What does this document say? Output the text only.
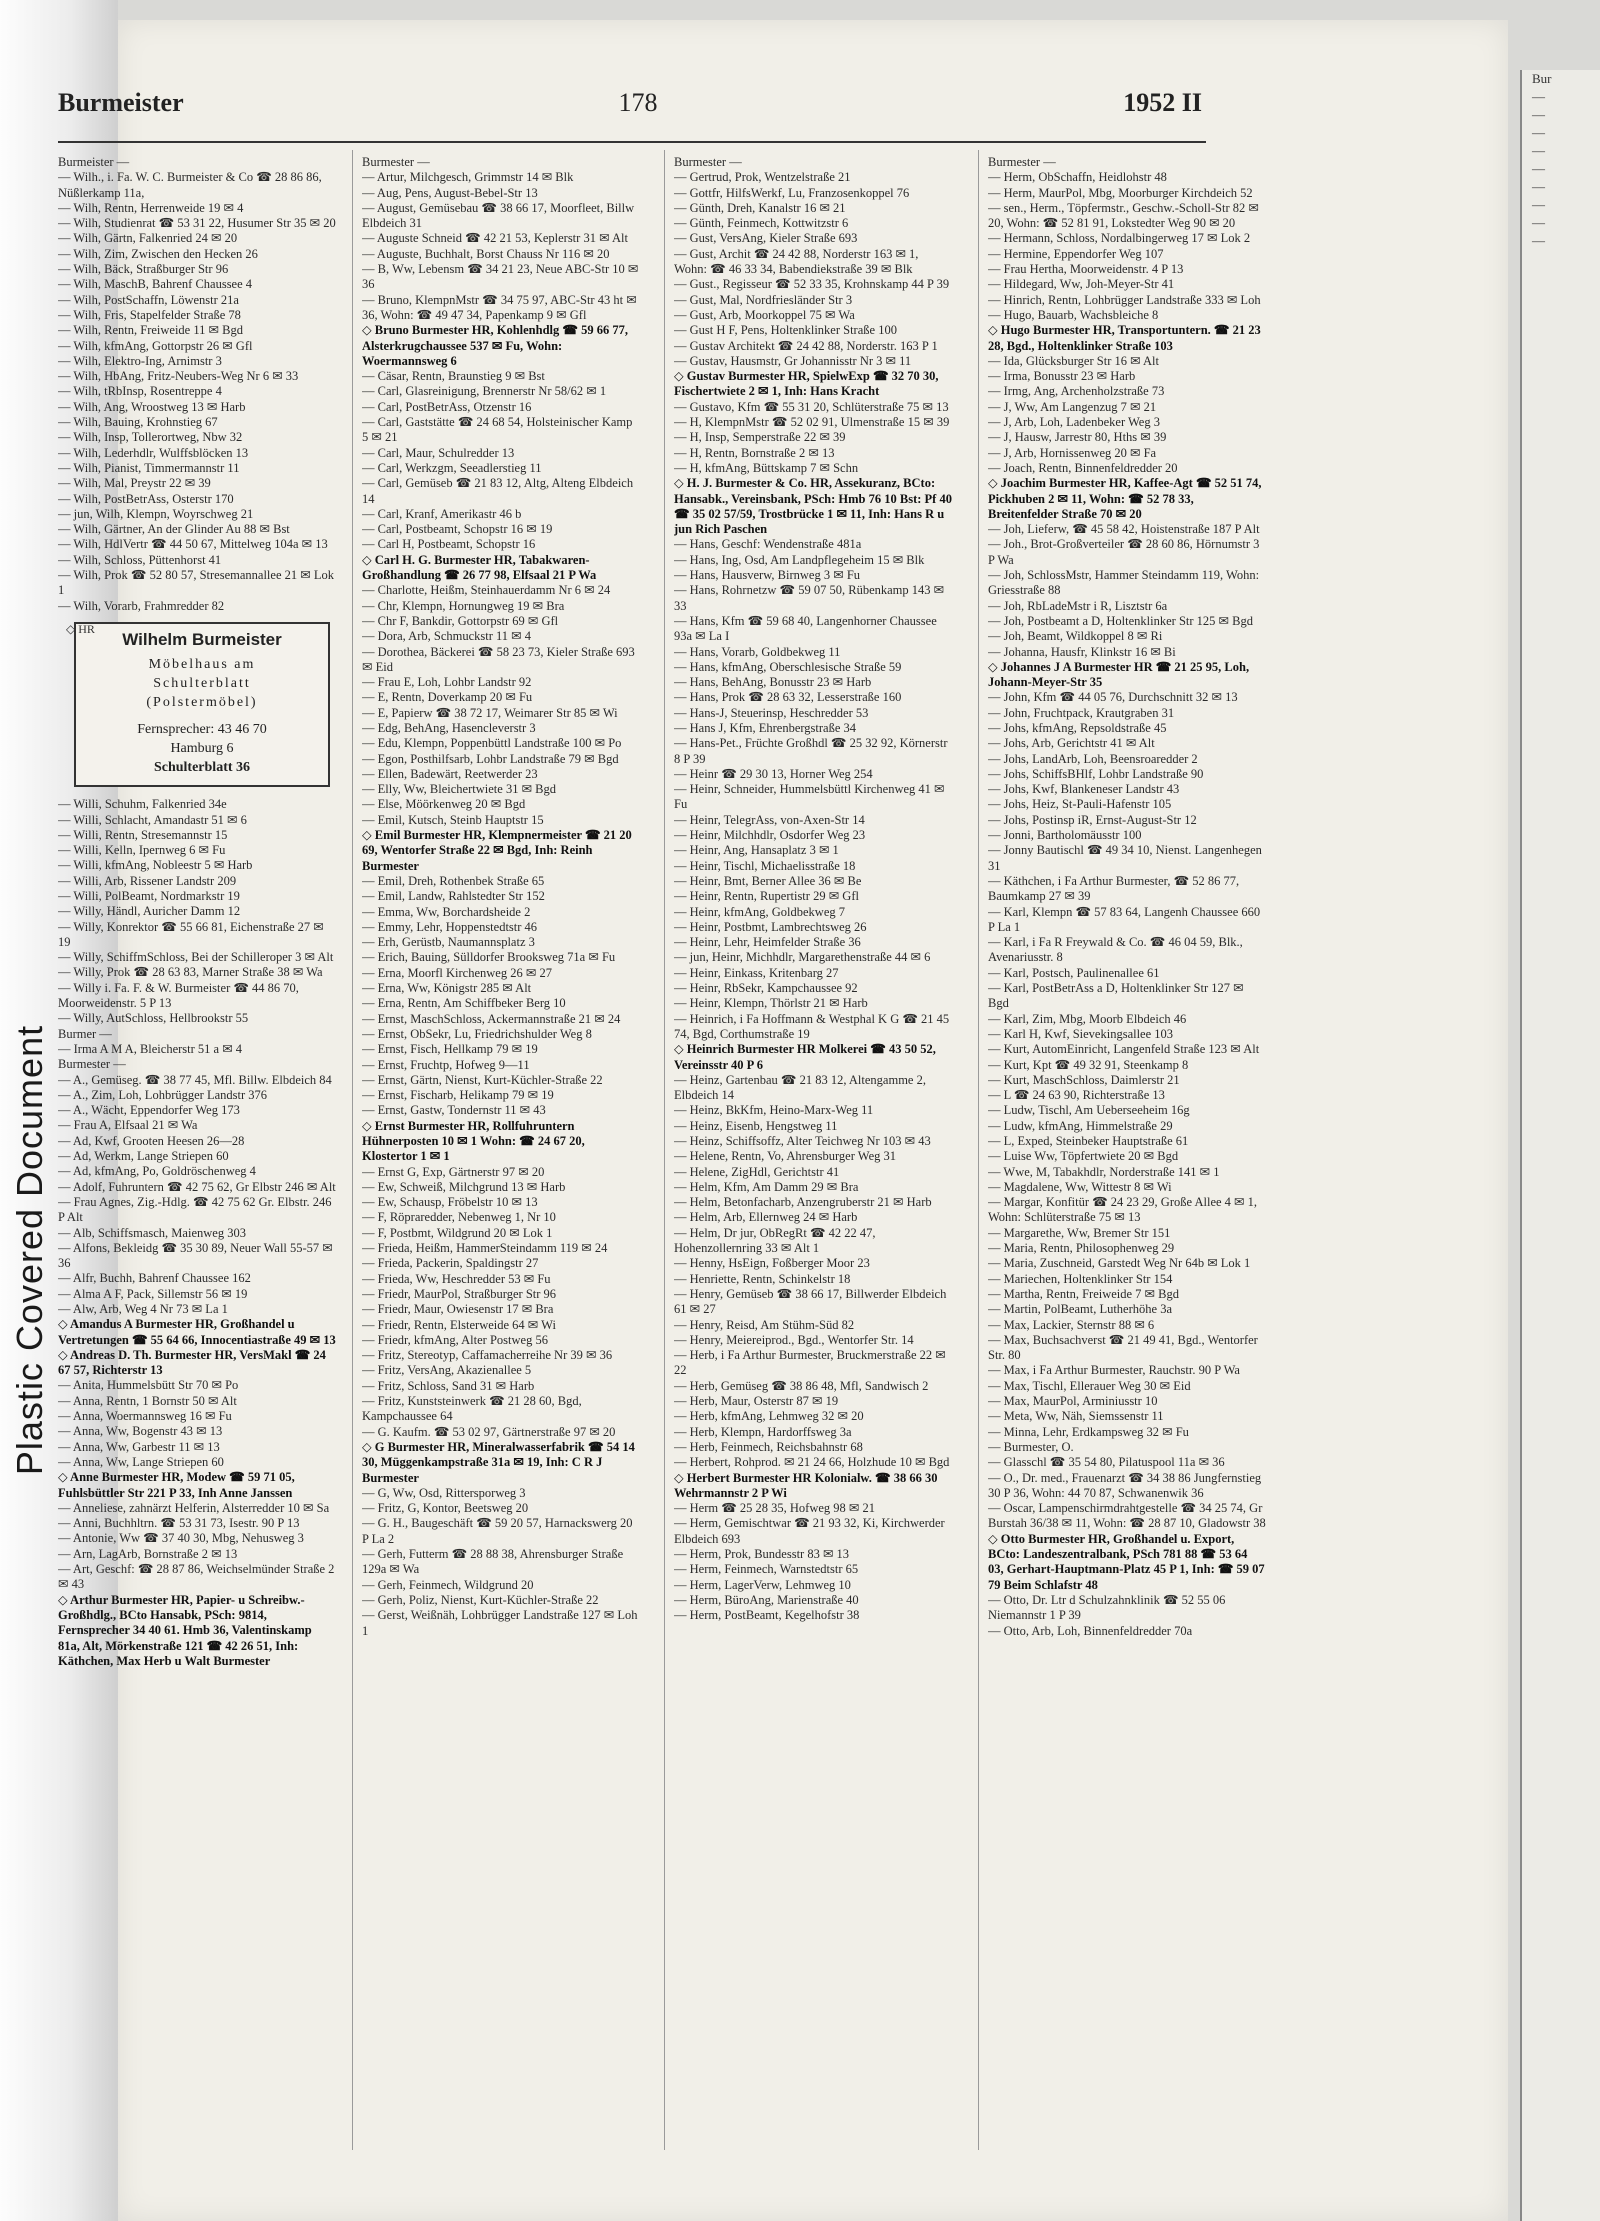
Plastic Covered Document
Bur
—
—
—
—
—
—
—
—
—
Burmeister	178	1952 II
Burmeister —
— Wilh., i. Fa. W. C. Burmeister & Co ☎ 28 86 86, Nüßlerkamp 11a,
— Wilh, Rentn, Herrenweide 19 ✉ 4
— Wilh, Studienrat ☎ 53 31 22, Husumer Str 35 ✉ 20
— Wilh, Gärtn, Falkenried 24 ✉ 20
— Wilh, Zim, Zwischen den Hecken 26
— Wilh, Bäck, Straßburger Str 96
— Wilh, MaschB, Bahrenf Chaussee 4
— Wilh, PostSchaffn, Löwenstr 21a
— Wilh, Fris, Stapelfelder Straße 78
— Wilh, Rentn, Freiweide 11 ✉ Bgd
— Wilh, kfmAng, Gottorpstr 26 ✉ Gfl
— Wilh, Elektro-Ing, Arnimstr 3
— Wilh, HbAng, Fritz-Neubers-Weg Nr 6 ✉ 33
— Wilh, tRbInsp, Rosentreppe 4
— Wilh, Ang, Wroostweg 13 ✉ Harb
— Wilh, Bauing, Krohnstieg 67
— Wilh, Insp, Tollerortweg, Nbw 32
— Wilh, Lederhdlr, Wulffsblöcken 13
— Wilh, Pianist, Timmermannstr 11
— Wilh, Mal, Preystr 22 ✉ 39
— Wilh, PostBetrAss, Osterstr 170
— jun, Wilh, Klempn, Woyrschweg 21
— Wilh, Gärtner, An der Glinder Au 88 ✉ Bst
— Wilh, HdlVertr ☎ 44 50 67, Mittelweg 104a ✉ 13
— Wilh, Schloss, Püttenhorst 41
— Wilh, Prok ☎ 52 80 57, Stresemannallee 21 ✉ Lok 1
— Wilh, Vorarb, Frahmredder 82
◇ HR
Wilhelm Burmeister
Möbelhaus am
Schulterblatt
(Polstermöbel)
Fernsprecher: 43 46 70
Hamburg 6
Schulterblatt 36
— Willi, Schuhm, Falkenried 34e
— Willi, Schlacht, Amandastr 51 ✉ 6
— Willi, Rentn, Stresemannstr 15
— Willi, Kelln, Ipernweg 6 ✉ Fu
— Willi, kfmAng, Nobleestr 5 ✉ Harb
— Willi, Arb, Rissener Landstr 209
— Willi, PolBeamt, Nordmarkstr 19
— Willy, Händl, Auricher Damm 12
— Willy, Konrektor ☎ 55 66 81, Eichenstraße 27 ✉ 19
— Willy, SchiffmSchloss, Bei der Schilleroper 3 ✉ Alt
— Willy, Prok ☎ 28 63 83, Marner Straße 38 ✉ Wa
— Willy i. Fa. F. & W. Burmeister ☎ 44 86 70, Moorweidenstr. 5 P 13
— Willy, AutSchloss, Hellbrookstr 55
Burmer —
— Irma A M A, Bleicherstr 51 a ✉ 4
Burmester —
— A., Gemüseg. ☎ 38 77 45, Mfl. Billw. Elbdeich 84
— A., Zim, Loh, Lohbrügger Landstr 376
— A., Wächt, Eppendorfer Weg 173
— Frau A, Elfsaal 21 ✉ Wa
— Ad, Kwf, Grooten Heesen 26—28
— Ad, Werkm, Lange Striepen 60
— Ad, kfmAng, Po, Goldröschenweg 4
— Adolf, Fuhruntern ☎ 42 75 62, Gr Elbstr 246 ✉ Alt
— Frau Agnes, Zig.-Hdlg. ☎ 42 75 62 Gr. Elbstr. 246 P Alt
— Alb, Schiffsmasch, Maienweg 303
— Alfons, Bekleidg ☎ 35 30 89, Neuer Wall 55-57 ✉ 36
— Alfr, Buchh, Bahrenf Chaussee 162
— Alma A F, Pack, Sillemstr 56 ✉ 19
— Alw, Arb, Weg 4 Nr 73 ✉ La 1
◇ Amandus A Burmester HR, Großhandel u Vertretungen ☎ 55 64 66, Innocentiastraße 49 ✉ 13
◇ Andreas D. Th. Burmester HR, VersMakl ☎ 24 67 57, Richterstr 13
— Anita, Hummelsbütt Str 70 ✉ Po
— Anna, Rentn, 1 Bornstr 50 ✉ Alt
— Anna, Woermannsweg 16 ✉ Fu
— Anna, Ww, Bogenstr 43 ✉ 13
— Anna, Ww, Garbestr 11 ✉ 13
— Anna, Ww, Lange Striepen 60
◇ Anne Burmester HR, Modew ☎ 59 71 05, Fuhlsbüttler Str 221 P 33, Inh Anne Janssen
— Anneliese, zahnärzt Helferin, Alsterredder 10 ✉ Sa
— Anni, Buchhltrn. ☎ 53 31 73, Isestr. 90 P 13
— Antonie, Ww ☎ 37 40 30, Mbg, Nehusweg 3
— Arn, LagArb, Bornstraße 2 ✉ 13
— Art, Geschf: ☎ 28 87 86, Weichselmünder Straße 2 ✉ 43
◇ Arthur Burmester HR, Papier- u Schreibw.-Großhdlg., BCto Hansabk, PSch: 9814, Fernsprecher 34 40 61. Hmb 36, Valentinskamp 81a, Alt, Mörkenstraße 121 ☎ 42 26 51, Inh: Käthchen, Max Herb u Walt Burmester
Burmester —
— Artur, Milchgesch, Grimmstr 14 ✉ Blk
— Aug, Pens, August-Bebel-Str 13
— August, Gemüsebau ☎ 38 66 17, Moorfleet, Billw Elbdeich 31
— Auguste Schneid ☎ 42 21 53, Keplerstr 31 ✉ Alt
— Auguste, Buchhalt, Borst Chauss Nr 116 ✉ 20
— B, Ww, Lebensm ☎ 34 21 23, Neue ABC-Str 10 ✉ 36
— Bruno, KlempnMstr ☎ 34 75 97, ABC-Str 43 ht ✉ 36, Wohn: ☎ 49 47 34, Papenkamp 9 ✉ Gfl
◇ Bruno Burmester HR, Kohlenhdlg ☎ 59 66 77, Alsterkrugchaussee 537 ✉ Fu, Wohn: Woermannsweg 6
— Cäsar, Rentn, Braunstieg 9 ✉ Bst
— Carl, Glasreinigung, Brennerstr Nr 58/62 ✉ 1
— Carl, PostBetrAss, Otzenstr 16
— Carl, Gaststätte ☎ 24 68 54, Holsteinischer Kamp 5 ✉ 21
— Carl, Maur, Schulredder 13
— Carl, Werkzgm, Seeadlerstieg 11
— Carl, Gemüseb ☎ 21 83 12, Altg, Alteng Elbdeich 14
— Carl, Kranf, Amerikastr 46 b
— Carl, Postbeamt, Schopstr 16 ✉ 19
— Carl H, Postbeamt, Schopstr 16
◇ Carl H. G. Burmester HR, Tabakwaren-Großhandlung ☎ 26 77 98, Elfsaal 21 P Wa
— Charlotte, Heißm, Steinhauerdamm Nr 6 ✉ 24
— Chr, Klempn, Hornungweg 19 ✉ Bra
— Chr F, Bankdir, Gottorpstr 69 ✉ Gfl
— Dora, Arb, Schmuckstr 11 ✉ 4
— Dorothea, Bäckerei ☎ 58 23 73, Kieler Straße 693 ✉ Eid
— Frau E, Loh, Lohbr Landstr 92
— E, Rentn, Doverkamp 20 ✉ Fu
— E, Papierw ☎ 38 72 17, Weimarer Str 85 ✉ Wi
— Edg, BehAng, Hasencleverstr 3
— Edu, Klempn, Poppenbüttl Landstraße 100 ✉ Po
— Egon, Posthilfsarb, Lohbr Landstraße 79 ✉ Bgd
— Ellen, Badewärt, Reetwerder 23
— Elly, Ww, Bleichertwiete 31 ✉ Bgd
— Else, Möörkenweg 20 ✉ Bgd
— Emil, Kutsch, Steinb Hauptstr 15
◇ Emil Burmester HR, Klempnermeister ☎ 21 20 69, Wentorfer Straße 22 ✉ Bgd, Inh: Reinh Burmester
— Emil, Dreh, Rothenbek Straße 65
— Emil, Landw, Rahlstedter Str 152
— Emma, Ww, Borchardsheide 2
— Emmy, Lehr, Hoppenstedtstr 46
— Erh, Gerüstb, Naumannsplatz 3
— Erich, Bauing, Sülldorfer Brooksweg 71a ✉ Fu
— Erna, Moorfl Kirchenweg 26 ✉ 27
— Erna, Ww, Königstr 285 ✉ Alt
— Erna, Rentn, Am Schiffbeker Berg 10
— Ernst, MaschSchloss, Ackermannstraße 21 ✉ 24
— Ernst, ObSekr, Lu, Friedrichshulder Weg 8
— Ernst, Fisch, Hellkamp 79 ✉ 19
— Ernst, Fruchtp, Hofweg 9—11
— Ernst, Gärtn, Nienst, Kurt-Küchler-Straße 22
— Ernst, Fischarb, Helikamp 79 ✉ 19
— Ernst, Gastw, Tondernstr 11 ✉ 43
◇ Ernst Burmester HR, Rollfuhruntern Hühnerposten 10 ✉ 1 Wohn: ☎ 24 67 20, Klostertor 1 ✉ 1
— Ernst G, Exp, Gärtnerstr 97 ✉ 20
— Ew, Schweiß, Milchgrund 13 ✉ Harb
— Ew, Schausp, Fröbelstr 10 ✉ 13
— F, Röpraredder, Nebenweg 1, Nr 10
— F, Postbmt, Wildgrund 20 ✉ Lok 1
— Frieda, Heißm, HammerSteindamm 119 ✉ 24
— Frieda, Packerin, Spaldingstr 27
— Frieda, Ww, Heschredder 53 ✉ Fu
— Friedr, MaurPol, Straßburger Str 96
— Friedr, Maur, Owiesenstr 17 ✉ Bra
— Friedr, Rentn, Elsterweide 64 ✉ Wi
— Friedr, kfmAng, Alter Postweg 56
— Fritz, Stereotyp, Caffamacherreihe Nr 39 ✉ 36
— Fritz, VersAng, Akazienallee 5
— Fritz, Schloss, Sand 31 ✉ Harb
— Fritz, Kunststeinwerk ☎ 21 28 60, Bgd, Kampchaussee 64
— G. Kaufm. ☎ 53 02 97, Gärtnerstraße 97 ✉ 20
◇ G Burmester HR, Mineralwasserfabrik ☎ 54 14 30, Müggenkampstraße 31a ✉ 19, Inh: C R J Burmester
— G, Ww, Osd, Rittersporweg 3
— Fritz, G, Kontor, Beetsweg 20
— G. H., Baugeschäft ☎ 59 20 57, Harnackswerg 20 P La 2
— Gerh, Futterm ☎ 28 88 38, Ahrensburger Straße 129a ✉ Wa
— Gerh, Feinmech, Wildgrund 20
— Gerh, Poliz, Nienst, Kurt-Küchler-Straße 22
— Gerst, Weißnäh, Lohbrügger Landstraße 127 ✉ Loh 1
Burmester —
— Gertrud, Prok, Wentzelstraße 21
— Gottfr, HilfsWerkf, Lu, Franzosenkoppel 76
— Günth, Dreh, Kanalstr 16 ✉ 21
— Günth, Feinmech, Kottwitzstr 6
— Gust, VersAng, Kieler Straße 693
— Gust, Archit ☎ 24 42 88, Norderstr 163 ✉ 1, Wohn: ☎ 46 33 34, Babendiekstraße 39 ✉ Blk
— Gust., Regisseur ☎ 52 33 35, Krohnskamp 44 P 39
— Gust, Mal, Nordfriesländer Str 3
— Gust, Arb, Moorkoppel 75 ✉ Wa
— Gust H F, Pens, Holtenklinker Straße 100
— Gustav Architekt ☎ 24 42 88, Norderstr. 163 P 1
— Gustav, Hausmstr, Gr Johannisstr Nr 3 ✉ 11
◇ Gustav Burmester HR, SpielwExp ☎ 32 70 30, Fischertwiete 2 ✉ 1, Inh: Hans Kracht
— Gustavo, Kfm ☎ 55 31 20, Schlüterstraße 75 ✉ 13
— H, KlempnMstr ☎ 52 02 91, Ulmenstraße 15 ✉ 39
— H, Insp, Semperstraße 22 ✉ 39
— H, Rentn, Bornstraße 2 ✉ 13
— H, kfmAng, Büttskamp 7 ✉ Schn
◇ H. J. Burmester & Co. HR, Assekuranz, BCto: Hansabk., Vereinsbank, PSch: Hmb 76 10 Bst: Pf 40 ☎ 35 02 57/59, Trostbrücke 1 ✉ 11, Inh: Hans R u jun Rich Paschen
— Hans, Geschf: Wendenstraße 481a
— Hans, Ing, Osd, Am Landpflegeheim 15 ✉ Blk
— Hans, Hausverw, Birnweg 3 ✉ Fu
— Hans, Rohrnetzw ☎ 59 07 50, Rübenkamp 143 ✉ 33
— Hans, Kfm ☎ 59 68 40, Langenhorner Chaussee 93a ✉ La I
— Hans, Vorarb, Goldbekweg 11
— Hans, kfmAng, Oberschlesische Straße 59
— Hans, BehAng, Bonusstr 23 ✉ Harb
— Hans, Prok ☎ 28 63 32, Lesserstraße 160
— Hans-J, Steuerinsp, Heschredder 53
— Hans J, Kfm, Ehrenbergstraße 34
— Hans-Pet., Früchte Großhdl ☎ 25 32 92, Körnerstr 8 P 39
— Heinr ☎ 29 30 13, Horner Weg 254
— Heinr, Schneider, Hummelsbüttl Kirchenweg 41 ✉ Fu
— Heinr, TelegrAss, von-Axen-Str 14
— Heinr, Milchhdlr, Osdorfer Weg 23
— Heinr, Ang, Hansaplatz 3 ✉ 1
— Heinr, Tischl, Michaelisstraße 18
— Heinr, Bmt, Berner Allee 36 ✉ Be
— Heinr, Rentn, Rupertistr 29 ✉ Gfl
— Heinr, kfmAng, Goldbekweg 7
— Heinr, Postbmt, Lambrechtsweg 26
— Heinr, Lehr, Heimfelder Straße 36
— jun, Heinr, Michhdlr, Margarethenstraße 44 ✉ 6
— Heinr, Einkass, Kritenbarg 27
— Heinr, RbSekr, Kampchaussee 92
— Heinr, Klempn, Thörlstr 21 ✉ Harb
— Heinrich, i Fa Hoffmann & Westphal K G ☎ 21 45 74, Bgd, Corthumstraße 19
◇ Heinrich Burmester HR Molkerei ☎ 43 50 52, Vereinsstr 40 P 6
— Heinz, Gartenbau ☎ 21 83 12, Altengamme 2, Elbdeich 14
— Heinz, BkKfm, Heino-Marx-Weg 11
— Heinz, Eisenb, Hengstweg 11
— Heinz, Schiffsoffz, Alter Teichweg Nr 103 ✉ 43
— Helene, Rentn, Vo, Ahrensburger Weg 31
— Helene, ZigHdl, Gerichtstr 41
— Helm, Kfm, Am Damm 29 ✉ Bra
— Helm, Betonfacharb, Anzengruberstr 21 ✉ Harb
— Helm, Arb, Ellernweg 24 ✉ Harb
— Helm, Dr jur, ObRegRt ☎ 42 22 47, Hohenzollernring 33 ✉ Alt 1
— Henny, HsEign, Foßberger Moor 23
— Henriette, Rentn, Schinkelstr 18
— Henry, Gemüseb ☎ 38 66 17, Billwerder Elbdeich 61 ✉ 27
— Henry, Reisd, Am Stühm-Süd 82
— Henry, Meiereiprod., Bgd., Wentorfer Str. 14
— Herb, i Fa Arthur Burmester, Bruckmerstraße 22 ✉ 22
— Herb, Gemüseg ☎ 38 86 48, Mfl, Sandwisch 2
— Herb, Maur, Osterstr 87 ✉ 19
— Herb, kfmAng, Lehmweg 32 ✉ 20
— Herb, Klempn, Hardorffsweg 3a
— Herb, Feinmech, Reichsbahnstr 68
— Herbert, Rohprod. ✉ 21 24 66, Holzhude 10 ✉ Bgd
◇ Herbert Burmester HR Kolonialw. ☎ 38 66 30 Wehrmannstr 2 P Wi
— Herm ☎ 25 28 35, Hofweg 98 ✉ 21
— Herm, Gemischtwar ☎ 21 93 32, Ki, Kirchwerder Elbdeich 693
— Herm, Prok, Bundesstr 83 ✉ 13
— Herm, Feinmech, Warnstedtstr 65
— Herm, LagerVerw, Lehmweg 10
— Herm, BüroAng, Marienstraße 40
— Herm, PostBeamt, Kegelhofstr 38
Burmester —
— Herm, ObSchaffn, Heidlohstr 48
— Herm, MaurPol, Mbg, Moorburger Kirchdeich 52
— sen., Herm., Töpfermstr., Geschw.-Scholl-Str 82 ✉ 20, Wohn: ☎ 52 81 91, Lokstedter Weg 90 ✉ 20
— Hermann, Schloss, Nordalbingerweg 17 ✉ Lok 2
— Hermine, Eppendorfer Weg 107
— Frau Hertha, Moorweidenstr. 4 P 13
— Hildegard, Ww, Joh-Meyer-Str 41
— Hinrich, Rentn, Lohbrügger Landstraße 333 ✉ Loh
— Hugo, Bauarb, Wachsbleiche 8
◇ Hugo Burmester HR, Transportuntern. ☎ 21 23 28, Bgd., Holtenklinker Straße 103
— Ida, Glücksburger Str 16 ✉ Alt
— Irma, Bonusstr 23 ✉ Harb
— Irmg, Ang, Archenholzstraße 73
— J, Ww, Am Langenzug 7 ✉ 21
— J, Arb, Loh, Ladenbeker Weg 3
— J, Hausw, Jarrestr 80, Hths ✉ 39
— J, Arb, Hornissenweg 20 ✉ Fa
— Joach, Rentn, Binnenfeldredder 20
◇ Joachim Burmester HR, Kaffee-Agt ☎ 52 51 74, Pickhuben 2 ✉ 11, Wohn: ☎ 52 78 33, Breitenfelder Straße 70 ✉ 20
— Joh, Lieferw, ☎ 45 58 42, Hoistenstraße 187 P Alt
— Joh., Brot-Großverteiler ☎ 28 60 86, Hörnumstr 3 P Wa
— Joh, SchlossMstr, Hammer Steindamm 119, Wohn: Griesstraße 88
— Joh, RbLadeMstr i R, Lisztstr 6a
— Joh, Postbeamt a D, Holtenklinker Str 125 ✉ Bgd
— Joh, Beamt, Wildkoppel 8 ✉ Ri
— Johanna, Hausfr, Klinkstr 16 ✉ Bi
◇ Johannes J A Burmester HR ☎ 21 25 95, Loh, Johann-Meyer-Str 35
— John, Kfm ☎ 44 05 76, Durchschnitt 32 ✉ 13
— John, Fruchtpack, Krautgraben 31
— Johs, kfmAng, Repsoldstraße 45
— Johs, Arb, Gerichtstr 41 ✉ Alt
— Johs, LandArb, Loh, Beensroaredder 2
— Johs, SchiffsBHlf, Lohbr Landstraße 90
— Johs, Kwf, Blankeneser Landstr 43
— Johs, Heiz, St-Pauli-Hafenstr 105
— Johs, Postinsp iR, Ernst-August-Str 12
— Jonni, Bartholomäusstr 100
— Jonny Bautischl ☎ 49 34 10, Nienst. Langenhegen 31
— Käthchen, i Fa Arthur Burmester, ☎ 52 86 77, Baumkamp 27 ✉ 39
— Karl, Klempn ☎ 57 83 64, Langenh Chaussee 660 P La 1
— Karl, i Fa R Freywald & Co. ☎ 46 04 59, Blk., Avenariusstr. 8
— Karl, Postsch, Paulinenallee 61
— Karl, PostBetrAss a D, Holtenklinker Str 127 ✉ Bgd
— Karl, Zim, Mbg, Moorb Elbdeich 46
— Karl H, Kwf, Sievekingsallee 103
— Kurt, AutomEinricht, Langenfeld Straße 123 ✉ Alt
— Kurt, Kpt ☎ 49 32 91, Steenkamp 8
— Kurt, MaschSchloss, Daimlerstr 21
— L ☎ 24 63 90, Richterstraße 13
— Ludw, Tischl, Am Ueberseeheim 16g
— Ludw, kfmAng, Himmelstraße 29
— L, Exped, Steinbeker Hauptstraße 61
— Luise Ww, Töpfertwiete 20 ✉ Bgd
— Wwe, M, Tabakhdlr, Norderstraße 141 ✉ 1
— Magdalene, Ww, Wittestr 8 ✉ Wi
— Margar, Konfitür ☎ 24 23 29, Große Allee 4 ✉ 1, Wohn: Schlüterstraße 75 ✉ 13
— Margarethe, Ww, Bremer Str 151
— Maria, Rentn, Philosophenweg 29
— Maria, Zuschneid, Garstedt Weg Nr 64b ✉ Lok 1
— Mariechen, Holtenklinker Str 154
— Martha, Rentn, Freiweide 7 ✉ Bgd
— Martin, PolBeamt, Lutherhöhe 3a
— Max, Lackier, Sternstr 88 ✉ 6
— Max, Buchsachverst ☎ 21 49 41, Bgd., Wentorfer Str. 80
— Max, i Fa Arthur Burmester, Rauchstr. 90 P Wa
— Max, Tischl, Ellerauer Weg 30 ✉ Eid
— Max, MaurPol, Arminiusstr 10
— Meta, Ww, Näh, Siemssenstr 11
— Minna, Lehr, Erdkampsweg 32 ✉ Fu
— Burmester, O.
— Glasschl ☎ 35 54 80, Pilatuspool 11a ✉ 36
— O., Dr. med., Frauenarzt ☎ 34 38 86 Jungfernstieg 30 P 36, Wohn: 44 70 87, Schwanenwik 36
— Oscar, Lampenschirmdrahtgestelle ☎ 34 25 74, Gr Burstah 36/38 ✉ 11, Wohn: ☎ 28 87 10, Gladowstr 38
◇ Otto Burmester HR, Großhandel u. Export, BCto: Landeszentralbank, PSch 781 88 ☎ 53 64 03, Gerhart-Hauptmann-Platz 45 P 1, Inh: ☎ 59 07 79 Beim Schlafstr 48
— Otto, Dr. Ltr d Schulzahnklinik ☎ 52 55 06 Niemannstr 1 P 39
— Otto, Arb, Loh, Binnenfeldredder 70a
